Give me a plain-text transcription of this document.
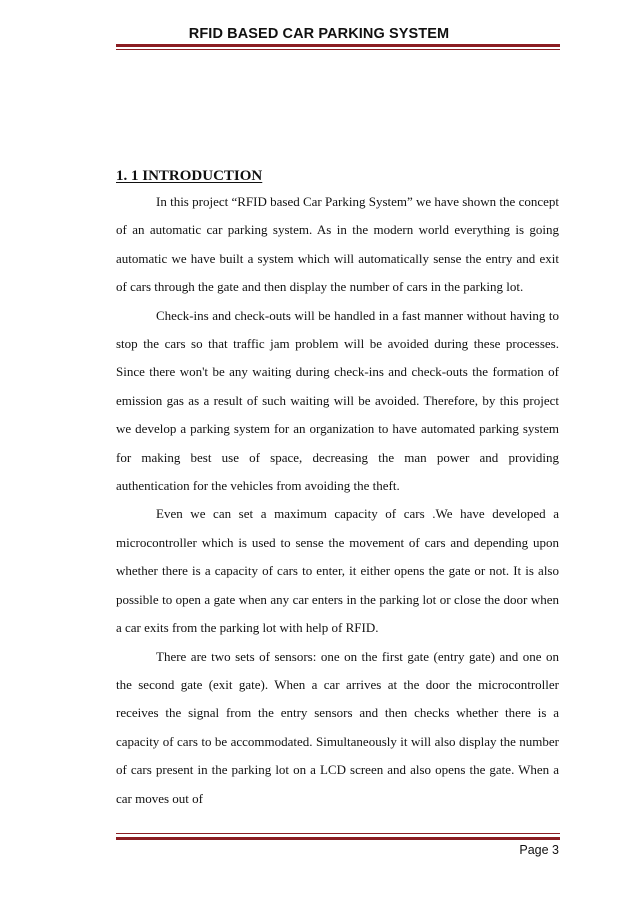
RFID BASED CAR PARKING SYSTEM
1. 1 INTRODUCTION

In this project “RFID based Car Parking System” we have shown the concept of an automatic car parking system. As in the modern world everything is going automatic we have built a system which will automatically sense the entry and exit of cars through the gate and then display the number of cars in the parking lot.

Check-ins and check-outs will be handled in a fast manner without having to stop the cars so that traffic jam problem will be avoided during these processes. Since there won't be any waiting during check-ins and check-outs the formation of emission gas as a result of such waiting will be avoided. Therefore, by this project we develop a parking system for an organization to have automated parking system for making best use of space, decreasing the man power and providing authentication for the vehicles from avoiding the theft.

Even we can set a maximum capacity of cars .We have developed a microcontroller which is used to sense the movement of cars and depending upon whether there is a capacity of cars to enter, it either opens the gate or not. It is also possible to open a gate when any car enters in the parking lot or close the door when a car exits from the parking lot with help of RFID.

There are two sets of sensors: one on the first gate (entry gate) and one on the second gate (exit gate). When a car arrives at the door the microcontroller receives the signal from the entry sensors and then checks whether there is a capacity of cars to be accommodated. Simultaneously it will also display the number of cars present in the parking lot on a LCD screen and also opens the gate. When a car moves out of

Page 3
